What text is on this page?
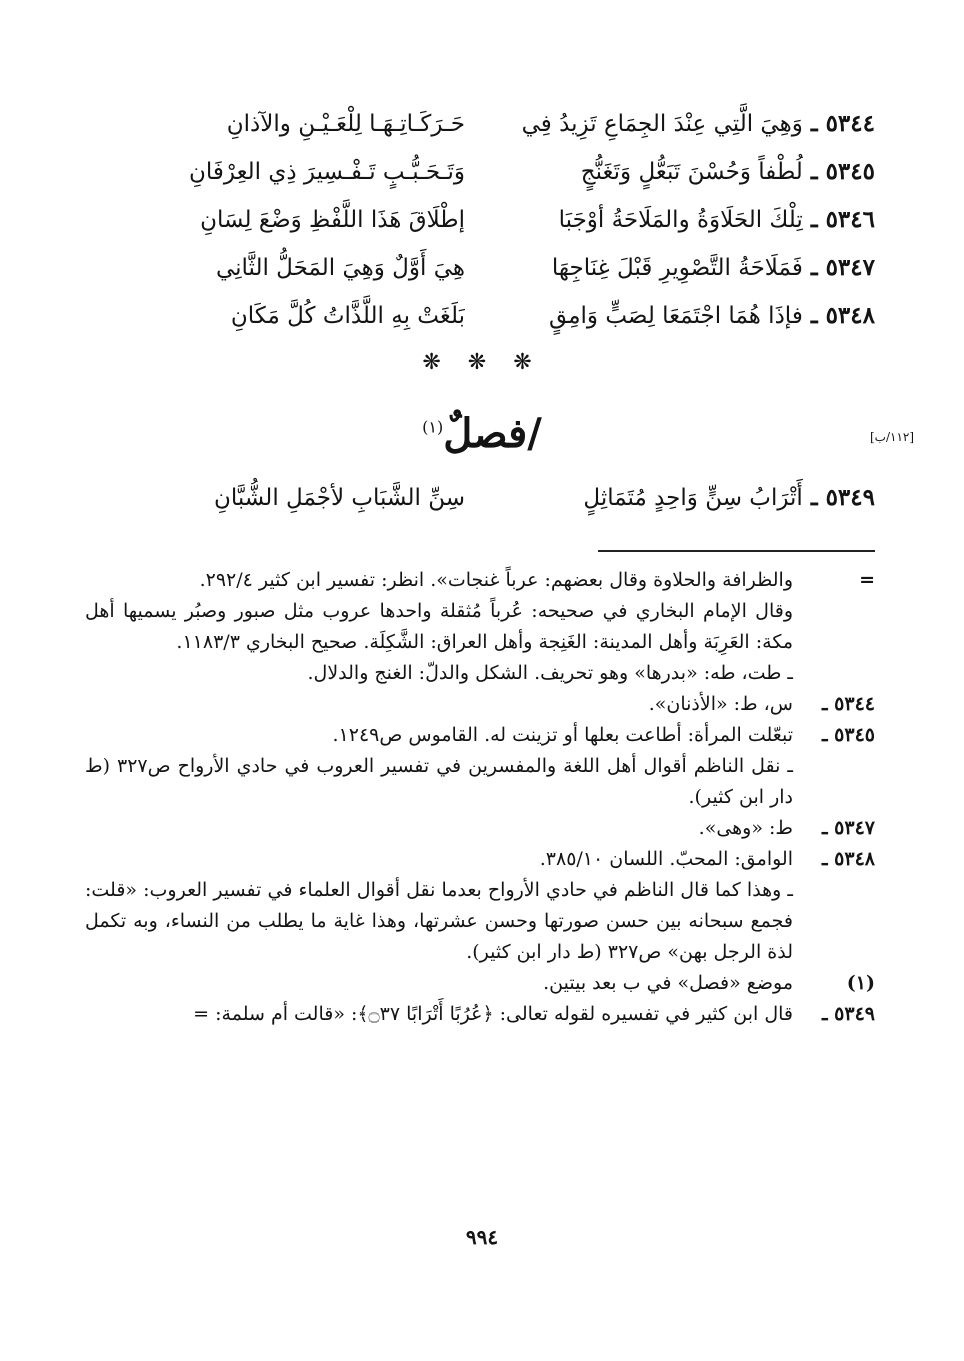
٥٣٤٤ ـ
وَهِيَ الَّتِي عِنْدَ الجِمَاعِ تَزِيدُ فِي
حَـرَكَـاتِـهَـا لِلْعَـيْـنِ والآذانِ
٥٣٤٥ ـ
لُطْفاً وَحُسْنَ تَبَعُّلٍ وَتَغَنُّجٍ
وَتَـحَـبُّـبٍ تَـفْـسِيرَ ذِي العِرْفَانِ
٥٣٤٦ ـ
تِلْكَ الحَلَاوَةُ والمَلَاحَةُ أوْجَبَا
إطْلَاقَ هَذَا اللَّفْظِ وَضْعَ لِسَانِ
٥٣٤٧ ـ
فَمَلَاحَةُ التَّصْوِيرِ قَبْلَ غِنَاجِهَا
هِيَ أَوَّلٌ وَهِيَ المَحَلُّ الثَّانِي
٥٣٤٨ ـ
فإذَا هُمَا اجْتَمَعَا لِصَبٍّ وَامِقٍ
بَلَغَتْ بِهِ اللَّذَّاتُ كُلَّ مَكَانِ
❋ ❋ ❋
/فصلٌ$^{(١)}$
[١١٢/ب]
٥٣٤٩ ـ
أَتْرَابُ سِنٍّ وَاحِدٍ مُتَمَاثِلٍ
سِنِّ الشَّبَابِ لأجْمَلِ الشُّبَّانِ
=
والظرافة والحلاوة وقال بعضهم: عرباً غنجات». انظر: تفسير ابن كثير ٢٩٢/٤.
وقال الإمام البخاري في صحيحه: عُرباً مُثقلة واحدها عروب مثل صبور وصبُر يسميها أهل مكة: العَرِبَة وأهل المدينة: الغَنِجة وأهل العراق: الشَّكِلَة. صحيح البخاري ١١٨٣/٣.
ـ طت، طه: «بدرها» وهو تحريف. الشكل والدلّ: الغنج والدلال.
٥٣٤٤ ـ
س، ط: «الأذنان».
٥٣٤٥ ـ
تبعّلت المرأة: أطاعت بعلها أو تزينت له. القاموس ص١٢٤٩.
ـ نقل الناظم أقوال أهل اللغة والمفسرين في تفسير العروب في حادي الأرواح ص٣٢٧ (ط دار ابن كثير).
٥٣٤٧ ـ
ط: «وهى».
٥٣٤٨ ـ
الوامق: المحبّ. اللسان ٣٨٥/١٠.
ـ وهذا كما قال الناظم في حادي الأرواح بعدما نقل أقوال العلماء في تفسير العروب: «قلت: فجمع سبحانه بين حسن صورتها وحسن عشرتها، وهذا غاية ما يطلب من النساء، وبه تكمل لذة الرجل بهن» ص٣٢٧ (ط دار ابن كثير).
(١)
موضع «فصل» في ب بعد بيتين.
٥٣٤٩ ـ
قال ابن كثير في تفسيره لقوله تعالى: ﴿عُرُبًا أَتْرَابًا ۝٣٧﴾: «قالت أم سلمة: =
٩٩٤
